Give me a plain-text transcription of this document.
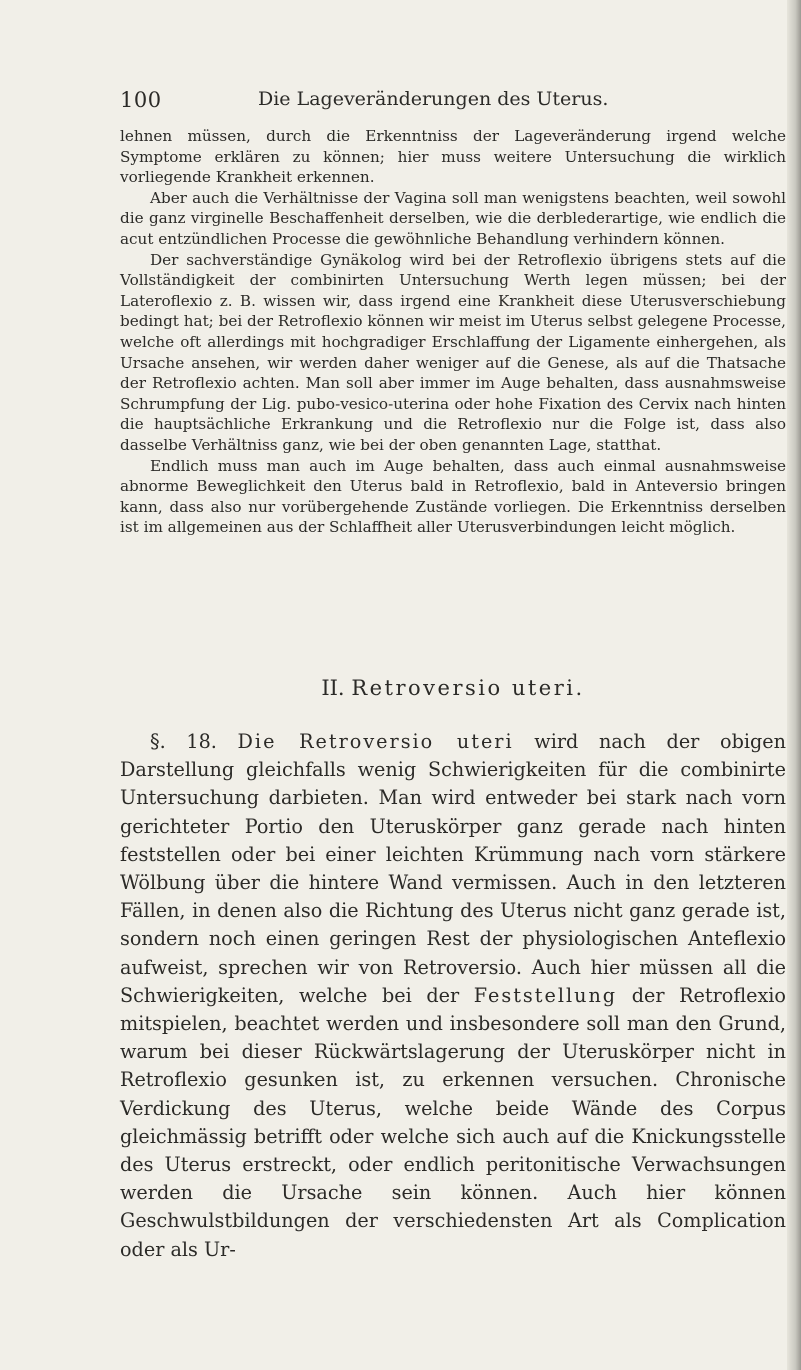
100	Die Lageveränderungen des Uterus.

lehnen müssen, durch die Erkenntniss der Lageveränderung irgend welche Symptome erklären zu können; hier muss weitere Untersuchung die wirklich vorliegende Krankheit erkennen.

Aber auch die Verhältnisse der Vagina soll man wenigstens beachten, weil sowohl die ganz virginelle Beschaffenheit derselben, wie die derblederartige, wie endlich die acut entzündlichen Processe die gewöhnliche Behandlung verhindern können.

Der sachverständige Gynäkolog wird bei der Retroflexio übrigens stets auf die Vollständigkeit der combinirten Untersuchung Werth legen müssen; bei der Lateroflexio z. B. wissen wir, dass irgend eine Krankheit diese Uterusverschiebung bedingt hat; bei der Retroflexio können wir meist im Uterus selbst gelegene Processe, welche oft allerdings mit hochgradiger Erschlaffung der Ligamente einhergehen, als Ursache ansehen, wir werden daher weniger auf die Genese, als auf die Thatsache der Retroflexio achten. Man soll aber immer im Auge behalten, dass ausnahmsweise Schrumpfung der Lig. pubo-vesico-uterina oder hohe Fixation des Cervix nach hinten die hauptsächliche Erkrankung und die Retroflexio nur die Folge ist, dass also dasselbe Verhältniss ganz, wie bei der oben genannten Lage, statthat.

Endlich muss man auch im Auge behalten, dass auch einmal ausnahmsweise abnorme Beweglichkeit den Uterus bald in Retroflexio, bald in Anteversio bringen kann, dass also nur vorübergehende Zustände vorliegen. Die Erkenntniss derselben ist im allgemeinen aus der Schlaffheit aller Uterusverbindungen leicht möglich.

II. Retroversio uteri.

§. 18. Die Retroversio uteri wird nach der obigen Darstellung gleichfalls wenig Schwierigkeiten für die combinirte Untersuchung darbieten. Man wird entweder bei stark nach vorn gerichteter Portio den Uteruskörper ganz gerade nach hinten feststellen oder bei einer leichten Krümmung nach vorn stärkere Wölbung über die hintere Wand vermissen. Auch in den letzteren Fällen, in denen also die Richtung des Uterus nicht ganz gerade ist, sondern noch einen geringen Rest der physiologischen Anteflexio aufweist, sprechen wir von Retroversio. Auch hier müssen all die Schwierigkeiten, welche bei der Feststellung der Retroflexio mitspielen, beachtet werden und insbesondere soll man den Grund, warum bei dieser Rückwärtslagerung der Uteruskörper nicht in Retroflexio gesunken ist, zu erkennen versuchen. Chronische Verdickung des Uterus, welche beide Wände des Corpus gleichmässig betrifft oder welche sich auch auf die Knickungsstelle des Uterus erstreckt, oder endlich peritonitische Verwachsungen werden die Ursache sein können. Auch hier können Geschwulstbildungen der verschiedensten Art als Complication oder als Ur-
